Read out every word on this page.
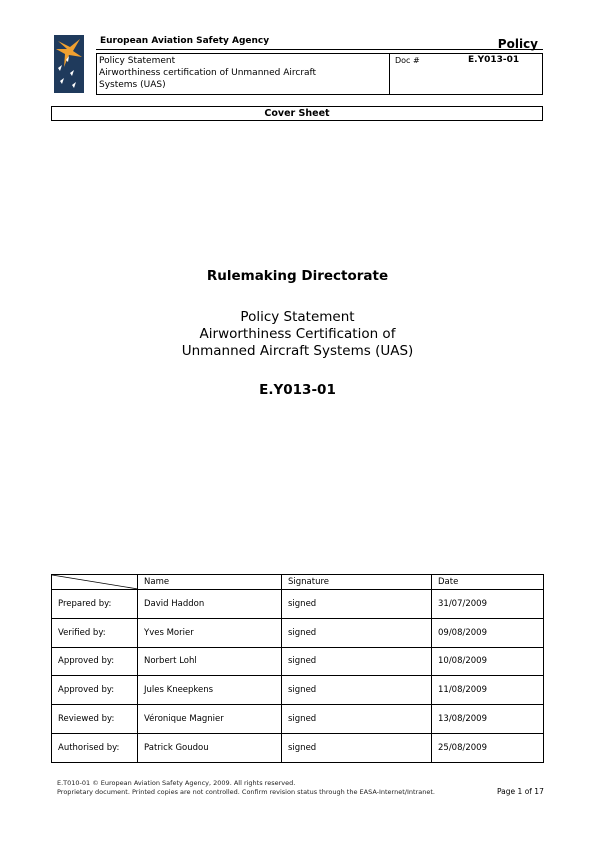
European Aviation Safety Agency	Policy
Policy Statement
Airworthiness certification of Unmanned Aircraft
Systems (UAS)
Doc #	E.Y013-01
Cover Sheet
Rulemaking Directorate
Policy Statement
Airworthiness Certification of
Unmanned Aircraft Systems (UAS)
E.Y013-01
	Name	Signature	Date
Prepared by:	David Haddon	signed	31/07/2009
Verified by:	Yves Morier	signed	09/08/2009
Approved by:	Norbert Lohl	signed	10/08/2009
Approved by:	Jules Kneepkens	signed	11/08/2009
Reviewed by:	Véronique Magnier	signed	13/08/2009
Authorised by:	Patrick Goudou	signed	25/08/2009
E.T010-01 © European Aviation Safety Agency, 2009. All rights reserved.
Proprietary document. Printed copies are not controlled. Confirm revision status through the EASA-Internet/Intranet.	Page 1 of 17
